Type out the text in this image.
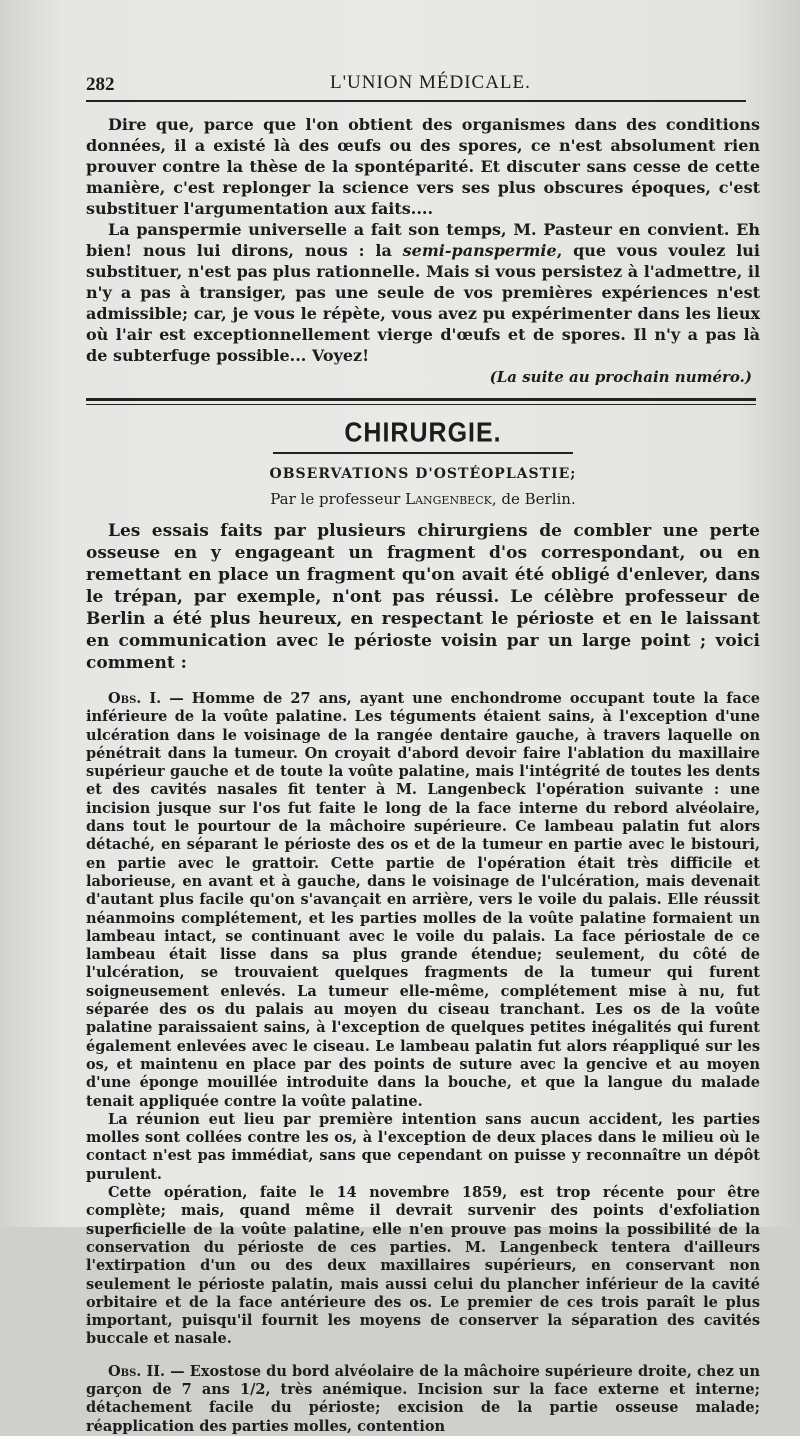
282	L'UNION MÉDICALE.

Dire que, parce que l'on obtient des organismes dans des conditions données, il a existé là des œufs ou des spores, ce n'est absolument rien prouver contre la thèse de la spontéparité. Et discuter sans cesse de cette manière, c'est replonger la science vers ses plus obscures époques, c'est substituer l'argumentation aux faits....

La panspermie universelle a fait son temps, M. Pasteur en convient. Eh bien! nous lui dirons, nous : la semi-panspermie, que vous voulez lui substituer, n'est pas plus rationnelle. Mais si vous persistez à l'admettre, il n'y a pas à transiger, pas une seule de vos premières expériences n'est admissible; car, je vous le répète, vous avez pu expérimenter dans les lieux où l'air est exceptionnellement vierge d'œufs et de spores. Il n'y a pas là de subterfuge possible... Voyez!

(La suite au prochain numéro.)
CHIRURGIE.
OBSERVATIONS D'OSTÉOPLASTIE;
Par le professeur Langenbeck, de Berlin.

Les essais faits par plusieurs chirurgiens de combler une perte osseuse en y engageant un fragment d'os correspondant, ou en remettant en place un fragment qu'on avait été obligé d'enlever, dans le trépan, par exemple, n'ont pas réussi. Le célèbre professeur de Berlin a été plus heureux, en respectant le périoste et en le laissant en communication avec le périoste voisin par un large point ; voici comment :

Obs. I. — Homme de 27 ans, ayant une enchondrome occupant toute la face inférieure de la voûte palatine. Les téguments étaient sains, à l'exception d'une ulcération dans le voisinage de la rangée dentaire gauche, à travers laquelle on pénétrait dans la tumeur. On croyait d'abord devoir faire l'ablation du maxillaire supérieur gauche et de toute la voûte palatine, mais l'intégrité de toutes les dents et des cavités nasales fit tenter à M. Langenbeck l'opération suivante : une incision jusque sur l'os fut faite le long de la face interne du rebord alvéolaire, dans tout le pourtour de la mâchoire supérieure. Ce lambeau palatin fut alors détaché, en séparant le périoste des os et de la tumeur en partie avec le bistouri, en partie avec le grattoir. Cette partie de l'opération était très difficile et laborieuse, en avant et à gauche, dans le voisinage de l'ulcération, mais devenait d'autant plus facile qu'on s'avançait en arrière, vers le voile du palais. Elle réussit néanmoins complétement, et les parties molles de la voûte palatine formaient un lambeau intact, se continuant avec le voile du palais. La face périostale de ce lambeau était lisse dans sa plus grande étendue; seulement, du côté de l'ulcération, se trouvaient quelques fragments de la tumeur qui furent soigneusement enlevés. La tumeur elle-même, complétement mise à nu, fut séparée des os du palais au moyen du ciseau tranchant. Les os de la voûte palatine paraissaient sains, à l'exception de quelques petites inégalités qui furent également enlevées avec le ciseau. Le lambeau palatin fut alors réappliqué sur les os, et maintenu en place par des points de suture avec la gencive et au moyen d'une éponge mouillée introduite dans la bouche, et que la langue du malade tenait appliquée contre la voûte palatine.

La réunion eut lieu par première intention sans aucun accident, les parties molles sont collées contre les os, à l'exception de deux places dans le milieu où le contact n'est pas immédiat, sans que cependant on puisse y reconnaître un dépôt purulent.

Cette opération, faite le 14 novembre 1859, est trop récente pour être complète; mais, quand même il devrait survenir des points d'exfoliation superficielle de la voûte palatine, elle n'en prouve pas moins la possibilité de la conservation du périoste de ces parties. M. Langenbeck tentera d'ailleurs l'extirpation d'un ou des deux maxillaires supérieurs, en conservant non seulement le périoste palatin, mais aussi celui du plancher inférieur de la cavité orbitaire et de la face antérieure des os. Le premier de ces trois paraît le plus important, puisqu'il fournit les moyens de conserver la séparation des cavités buccale et nasale.

Obs. II. — Exostose du bord alvéolaire de la mâchoire supérieure droite, chez un garçon de 7 ans 1/2, très anémique. Incision sur la face externe et interne; détachement facile du périoste; excision de la partie osseuse malade; réapplication des parties molles, contention
